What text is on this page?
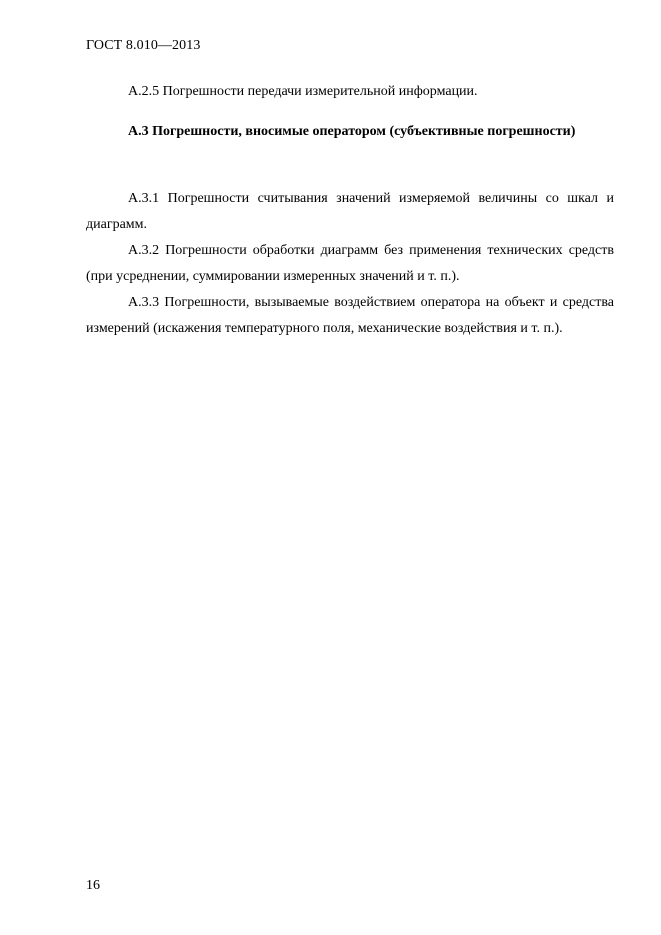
ГОСТ 8.010—2013

А.2.5 Погрешности передачи измерительной информации.

А.3 Погрешности, вносимые оператором (субъективные погрешности)

А.3.1 Погрешности считывания значений измеряемой величины со шкал и диаграмм.

А.3.2 Погрешности обработки диаграмм без применения технических средств (при усреднении, суммировании измеренных значений и т. п.).

А.3.3 Погрешности, вызываемые воздействием оператора на объект и средства измерений (искажения температурного поля, механические воздействия и т. п.).

16
